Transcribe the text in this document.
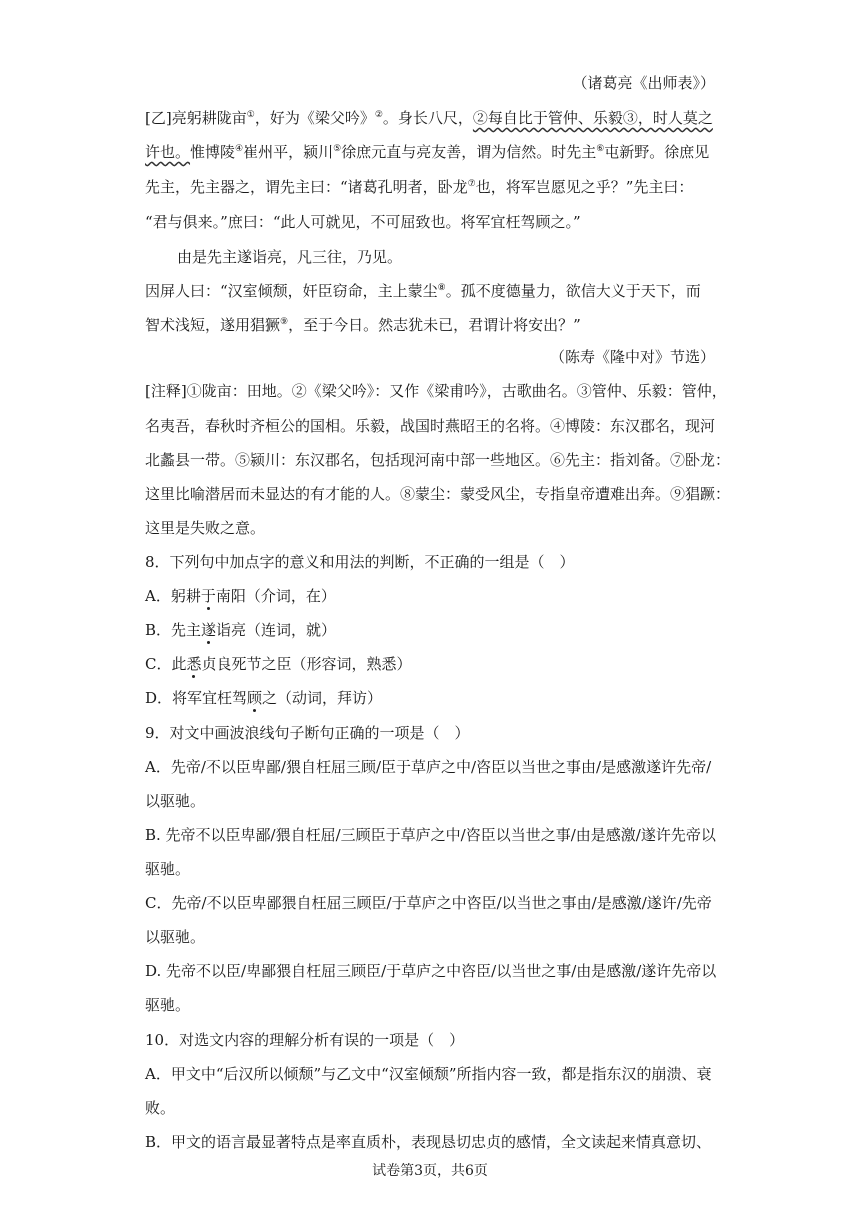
（诸葛亮《出师表》）
[乙]亮躬耕陇亩①，好为《梁父吟》②。身长八尺，②每自比于管仲、乐毅③，时人莫之
许也。惟博陵④崔州平，颍川⑤徐庶元直与亮友善，谓为信然。时先主⑥屯新野。徐庶见
先主，先主器之，谓先主曰：“诸葛孔明者，卧龙⑦也，将军岂愿见之乎？”先主曰：
“君与俱来。”庶曰：“此人可就见，不可屈致也。将军宜枉驾顾之。”
由是先主遂诣亮，凡三往，乃见。
因屏人曰：“汉室倾颓，奸臣窃命，主上蒙尘⑧。孤不度德量力，欲信大义于天下，而
智术浅短，遂用猖獗⑨，至于今日。然志犹未已，君谓计将安出？”
（陈寿《隆中对》节选）
[注释]①陇亩：田地。②《梁父吟》：又作《梁甫吟》，古歌曲名。③管仲、乐毅：管仲，
名夷吾，春秋时齐桓公的国相。乐毅，战国时燕昭王的名将。④博陵：东汉郡名，现河
北蠡县一带。⑤颍川：东汉郡名，包括现河南中部一些地区。⑥先主：指刘备。⑦卧龙：
这里比喻潜居而未显达的有才能的人。⑧蒙尘：蒙受风尘，专指皇帝遭难出奔。⑨猖蹶：
这里是失败之意。
8．下列句中加点字的意义和用法的判断，不正确的一组是（　）
A．躬耕于南阳（介词，在）
B．先主遂诣亮（连词，就）
C．此悉贞良死节之臣（形容词，熟悉）
D．将军宜枉驾顾之（动词，拜访）
9．对文中画波浪线句子断句正确的一项是（　）
A．先帝/不以臣卑鄙/猥自枉屈三顾/臣于草庐之中/咨臣以当世之事由/是感激遂许先帝/
以驱驰。
B. 先帝不以臣卑鄙/猥自枉屈/三顾臣于草庐之中/咨臣以当世之事/由是感激/遂许先帝以
驱驰。
C．先帝/不以臣卑鄙猥自枉屈三顾臣/于草庐之中咨臣/以当世之事由/是感激/遂许/先帝
以驱驰。
D. 先帝不以臣/卑鄙猥自枉屈三顾臣/于草庐之中咨臣/以当世之事/由是感激/遂许先帝以
驱驰。
10．对选文内容的理解分析有误的一项是（　）
A．甲文中“后汉所以倾颓”与乙文中“汉室倾颓”所指内容一致，都是指东汉的崩溃、衰
败。
B．甲文的语言最显著特点是率直质朴，表现恳切忠贞的感情，全文读起来情真意切、
试卷第3页，共6页
